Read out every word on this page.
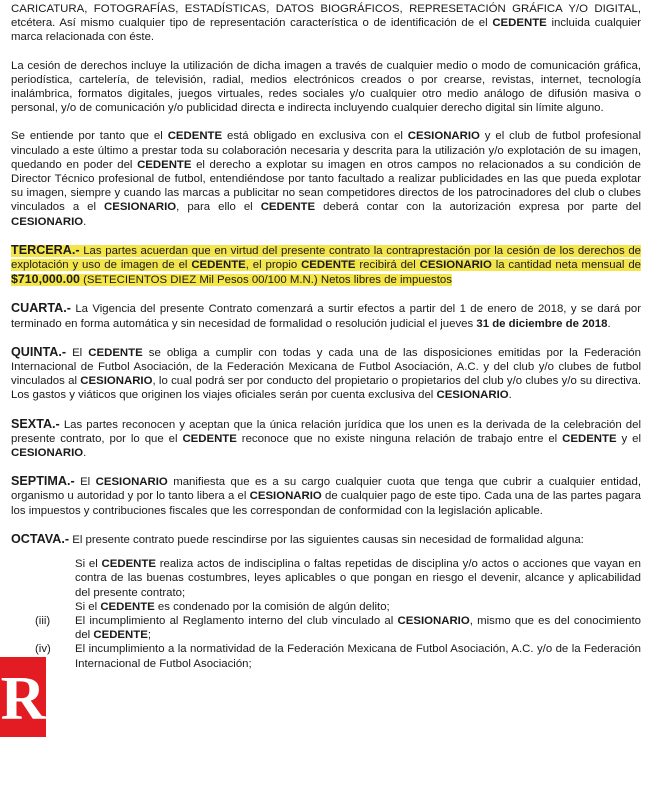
CARICATURA, FOTOGRAFÍAS, ESTADÍSTICAS, DATOS BIOGRÁFICOS, REPRESETACIÓN GRÁFICA Y/O DIGITAL, etcétera. Así mismo cualquier tipo de representación característica o de identificación de el CEDENTE incluida cualquier marca relacionada con éste.

La cesión de derechos incluye la utilización de dicha imagen a través de cualquier medio o modo de comunicación gráfica, periodística, cartelería, de televisión, radial, medios electrónicos creados o por crearse, revistas, internet, tecnología inalámbrica, formatos digitales, juegos virtuales, redes sociales y/o cualquier otro medio análogo de difusión masiva o personal, y/o de comunicación y/o publicidad directa e indirecta incluyendo cualquier derecho digital sin límite alguno.

Se entiende por tanto que el CEDENTE está obligado en exclusiva con el CESIONARIO y el club de futbol profesional vinculado a este último a prestar toda su colaboración necesaria y descrita para la utilización y/o explotación de su imagen, quedando en poder del CEDENTE el derecho a explotar su imagen en otros campos no relacionados a su condición de Director Técnico profesional de futbol, entendiéndose por tanto facultado a realizar publicidades en las que pueda explotar su imagen, siempre y cuando las marcas a publicitar no sean competidores directos de los patrocinadores del club o clubes vinculados a el CESIONARIO, para ello el CEDENTE deberá contar con la autorización expresa por parte del CESIONARIO.

TERCERA.- Las partes acuerdan que en virtud del presente contrato la contraprestación por la cesión de los derechos de explotación y uso de imagen de el CEDENTE, el propio CEDENTE recibirá del CESIONARIO la cantidad neta mensual de $710,000.00 (SETECIENTOS DIEZ Mil Pesos 00/100 M.N.) Netos libres de impuestos

CUARTA.- La Vigencia del presente Contrato comenzará a surtir efectos a partir del 1 de enero de 2018, y se dará por terminado en forma automática y sin necesidad de formalidad o resolución judicial el jueves 31 de diciembre de 2018.

QUINTA.- El CEDENTE se obliga a cumplir con todas y cada una de las disposiciones emitidas por la Federación Internacional de Futbol Asociación, de la Federación Mexicana de Futbol Asociación, A.C. y del club y/o clubes de futbol vinculados al CESIONARIO, lo cual podrá ser por conducto del propietario o propietarios del club y/o clubes y/o su directiva. Los gastos y viáticos que originen los viajes oficiales serán por cuenta exclusiva del CESIONARIO.

SEXTA.- Las partes reconocen y aceptan que la única relación jurídica que los unen es la derivada de la celebración del presente contrato, por lo que el CEDENTE reconoce que no existe ninguna relación de trabajo entre el CEDENTE y el CESIONARIO.

SEPTIMA.- El CESIONARIO manifiesta que es a su cargo cualquier cuota que tenga que cubrir a cualquier entidad, organismo u autoridad y por lo tanto libera a el CESIONARIO de cualquier pago de este tipo. Cada una de las partes pagara los impuestos y contribuciones fiscales que les correspondan de conformidad con la legislación aplicable.

OCTAVA.- El presente contrato puede rescindirse por las siguientes causas sin necesidad de formalidad alguna:

Si el CEDENTE realiza actos de indisciplina o faltas repetidas de disciplina y/o actos o acciones que vayan en contra de las buenas costumbres, leyes aplicables o que pongan en riesgo el devenir, alcance y aplicabilidad del presente contrato;
Si el CEDENTE es condenado por la comisión de algún delito;
(iii)	El incumplimiento al Reglamento interno del club vinculado al CESIONARIO, mismo que es del conocimiento del CEDENTE;
(iv)	El incumplimiento a la normatividad de la Federación Mexicana de Futbol Asociación, A.C. y/o de la Federación Internacional de Futbol Asociación;
R
